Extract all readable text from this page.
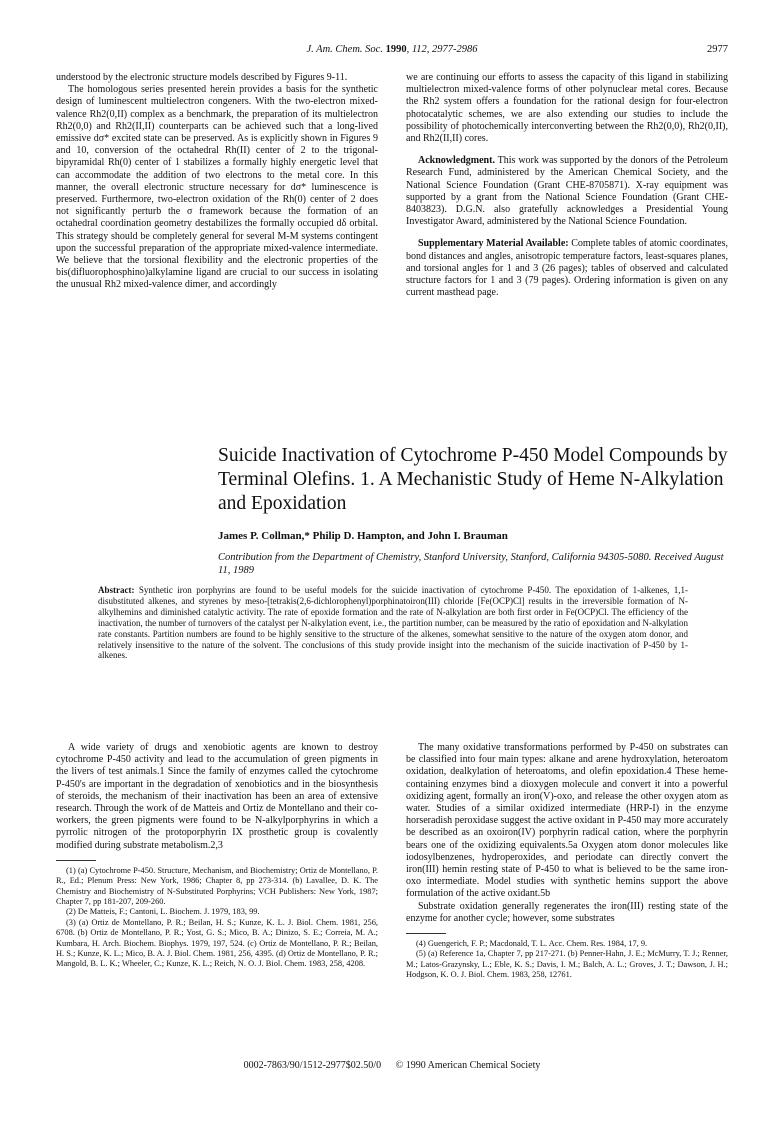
J. Am. Chem. Soc. 1990, 112, 2977-2986	2977

understood by the electronic structure models described by Figures 9-11.

The homologous series presented herein provides a basis for the synthetic design of luminescent multielectron congeners. With the two-electron mixed-valence Rh2(0,II) complex as a benchmark, the preparation of its multielectron Rh2(0,0) and Rh2(II,II) counterparts can be achieved such that a long-lived emissive dσ* excited state can be preserved. As is explicitly shown in Figures 9 and 10, conversion of the octahedral Rh(II) center of 2 to the trigonal-bipyramidal Rh(0) center of 1 stabilizes a formally highly energetic level that can accommodate the addition of two electrons to the metal core. In this manner, the overall electronic structure necessary for dσ* luminescence is preserved. Furthermore, two-electron oxidation of the Rh(0) center of 2 does not significantly perturb the σ framework because the formation of an octahedral coordination geometry destabilizes the formally occupied dδ orbital. This strategy should be completely general for several M-M systems contingent upon the successful preparation of the appropriate mixed-valence intermediate. We believe that the torsional flexibility and the electronic properties of the bis(difluorophosphino)alkylamine ligand are crucial to our success in isolating the unusual Rh2 mixed-valence dimer, and accordingly

we are continuing our efforts to assess the capacity of this ligand in stabilizing multielectron mixed-valence forms of other polynuclear metal cores. Because the Rh2 system offers a foundation for the rational design for four-electron photocatalytic schemes, we are also extending our studies to include the possibility of photochemically interconverting between the Rh2(0,0), Rh2(0,II), and Rh2(II,II) cores.

Acknowledgment. This work was supported by the donors of the Petroleum Research Fund, administered by the American Chemical Society, and the National Science Foundation (Grant CHE-8705871). X-ray equipment was supported by a grant from the National Science Foundation (Grant CHE-8403823). D.G.N. also gratefully acknowledges a Presidential Young Investigator Award, administered by the National Science Foundation.

Supplementary Material Available: Complete tables of atomic coordinates, bond distances and angles, anisotropic temperature factors, least-squares planes, and torsional angles for 1 and 3 (26 pages); tables of observed and calculated structure factors for 1 and 3 (79 pages). Ordering information is given on any current masthead page.

Suicide Inactivation of Cytochrome P-450 Model Compounds by Terminal Olefins. 1. A Mechanistic Study of Heme N-Alkylation and Epoxidation
James P. Collman,* Philip D. Hampton, and John I. Brauman
Contribution from the Department of Chemistry, Stanford University, Stanford, California 94305-5080. Received August 11, 1989
Abstract: Synthetic iron porphyrins are found to be useful models for the suicide inactivation of cytochrome P-450. The epoxidation of 1-alkenes, 1,1-disubstituted alkenes, and styrenes by meso-[tetrakis(2,6-dichlorophenyl)porphinatoiron(III) chloride [Fe(OCP)Cl] results in the irreversible formation of N-alkylhemins and diminished catalytic activity. The rate of epoxide formation and the rate of N-alkylation are both first order in Fe(OCP)Cl. The efficiency of the inactivation, the number of turnovers of the catalyst per N-alkylation event, i.e., the partition number, can be measured by the ratio of epoxidation and N-alkylation rate constants. Partition numbers are found to be highly sensitive to the structure of the alkenes, somewhat sensitive to the nature of the oxygen atom donor, and relatively insensitive to the nature of the solvent. The conclusions of this study provide insight into the mechanism of the suicide inactivation of P-450 by 1-alkenes.

A wide variety of drugs and xenobiotic agents are known to destroy cytochrome P-450 activity and lead to the accumulation of green pigments in the livers of test animals.1 Since the family of enzymes called the cytochrome P-450's are important in the degradation of xenobiotics and in the biosynthesis of steroids, the mechanism of their inactivation has been an area of extensive research. Through the work of de Matteis and Ortiz de Montellano and their co-workers, the green pigments were found to be N-alkylporphyrins in which a pyrrolic nitrogen of the protoporphyrin IX prosthetic group is covalently modified during substrate metabolism.2,3

(1) (a) Cytochrome P-450. Structure, Mechanism, and Biochemistry; Ortiz de Montellano, P. R., Ed.; Plenum Press: New York, 1986; Chapter 8, pp 273-314. (b) Lavallee, D. K. The Chemistry and Biochemistry of N-Substituted Porphyrins; VCH Publishers: New York, 1987; Chapter 7, pp 181-207, 209-260.
(2) De Matteis, F.; Cantoni, L. Biochem. J. 1979, 183, 99.
(3) (a) Ortiz de Montellano, P. R.; Beilan, H. S.; Kunze, K. L. J. Biol. Chem. 1981, 256, 6708. (b) Ortiz de Montellano, P. R.; Yost, G. S.; Mico, B. A.; Dinizo, S. E.; Correia, M. A.; Kumbara, H. Arch. Biochem. Biophys. 1979, 197, 524. (c) Ortiz de Montellano, P. R.; Beilan, H. S.; Kunze, K. L.; Mico, B. A. J. Biol. Chem. 1981, 256, 4395. (d) Ortiz de Montellano, P. R.; Mangold, B. L. K.; Wheeler, C.; Kunze, K. L.; Reich, N. O. J. Biol. Chem. 1983, 258, 4208.

The many oxidative transformations performed by P-450 on substrates can be classified into four main types: alkane and arene hydroxylation, heteroatom oxidation, dealkylation of heteroatoms, and olefin epoxidation.4 These heme-containing enzymes bind a dioxygen molecule and convert it into a powerful oxidizing agent, formally an iron(V)-oxo, and release the other oxygen atom as water. Studies of a similar oxidized intermediate (HRP-I) in the enzyme horseradish peroxidase suggest the active oxidant in P-450 may more accurately be described as an oxoiron(IV) porphyrin radical cation, where the porphyrin bears one of the oxidizing equivalents.5a Oxygen atom donor molecules like iodosylbenzenes, hydroperoxides, and periodate can directly convert the iron(III) hemin resting state of P-450 to what is believed to be the same iron-oxo intermediate. Model studies with synthetic hemins support the above formulation of the active oxidant.5b

Substrate oxidation generally regenerates the iron(III) resting state of the enzyme for another cycle; however, some substrates

(4) Guengerich, F. P.; Macdonald, T. L. Acc. Chem. Res. 1984, 17, 9.
(5) (a) Reference 1a, Chapter 7, pp 217-271. (b) Penner-Hahn, J. E.; McMurry, T. J.; Renner, M.; Latos-Grazynsky, L.; Eble, K. S.; Davis, I. M.; Balch, A. L.; Groves, J. T.; Dawson, J. H.; Hodgson, K. O. J. Biol. Chem. 1983, 258, 12761.
0002-7863/90/1512-2977$02.50/0 © 1990 American Chemical Society
